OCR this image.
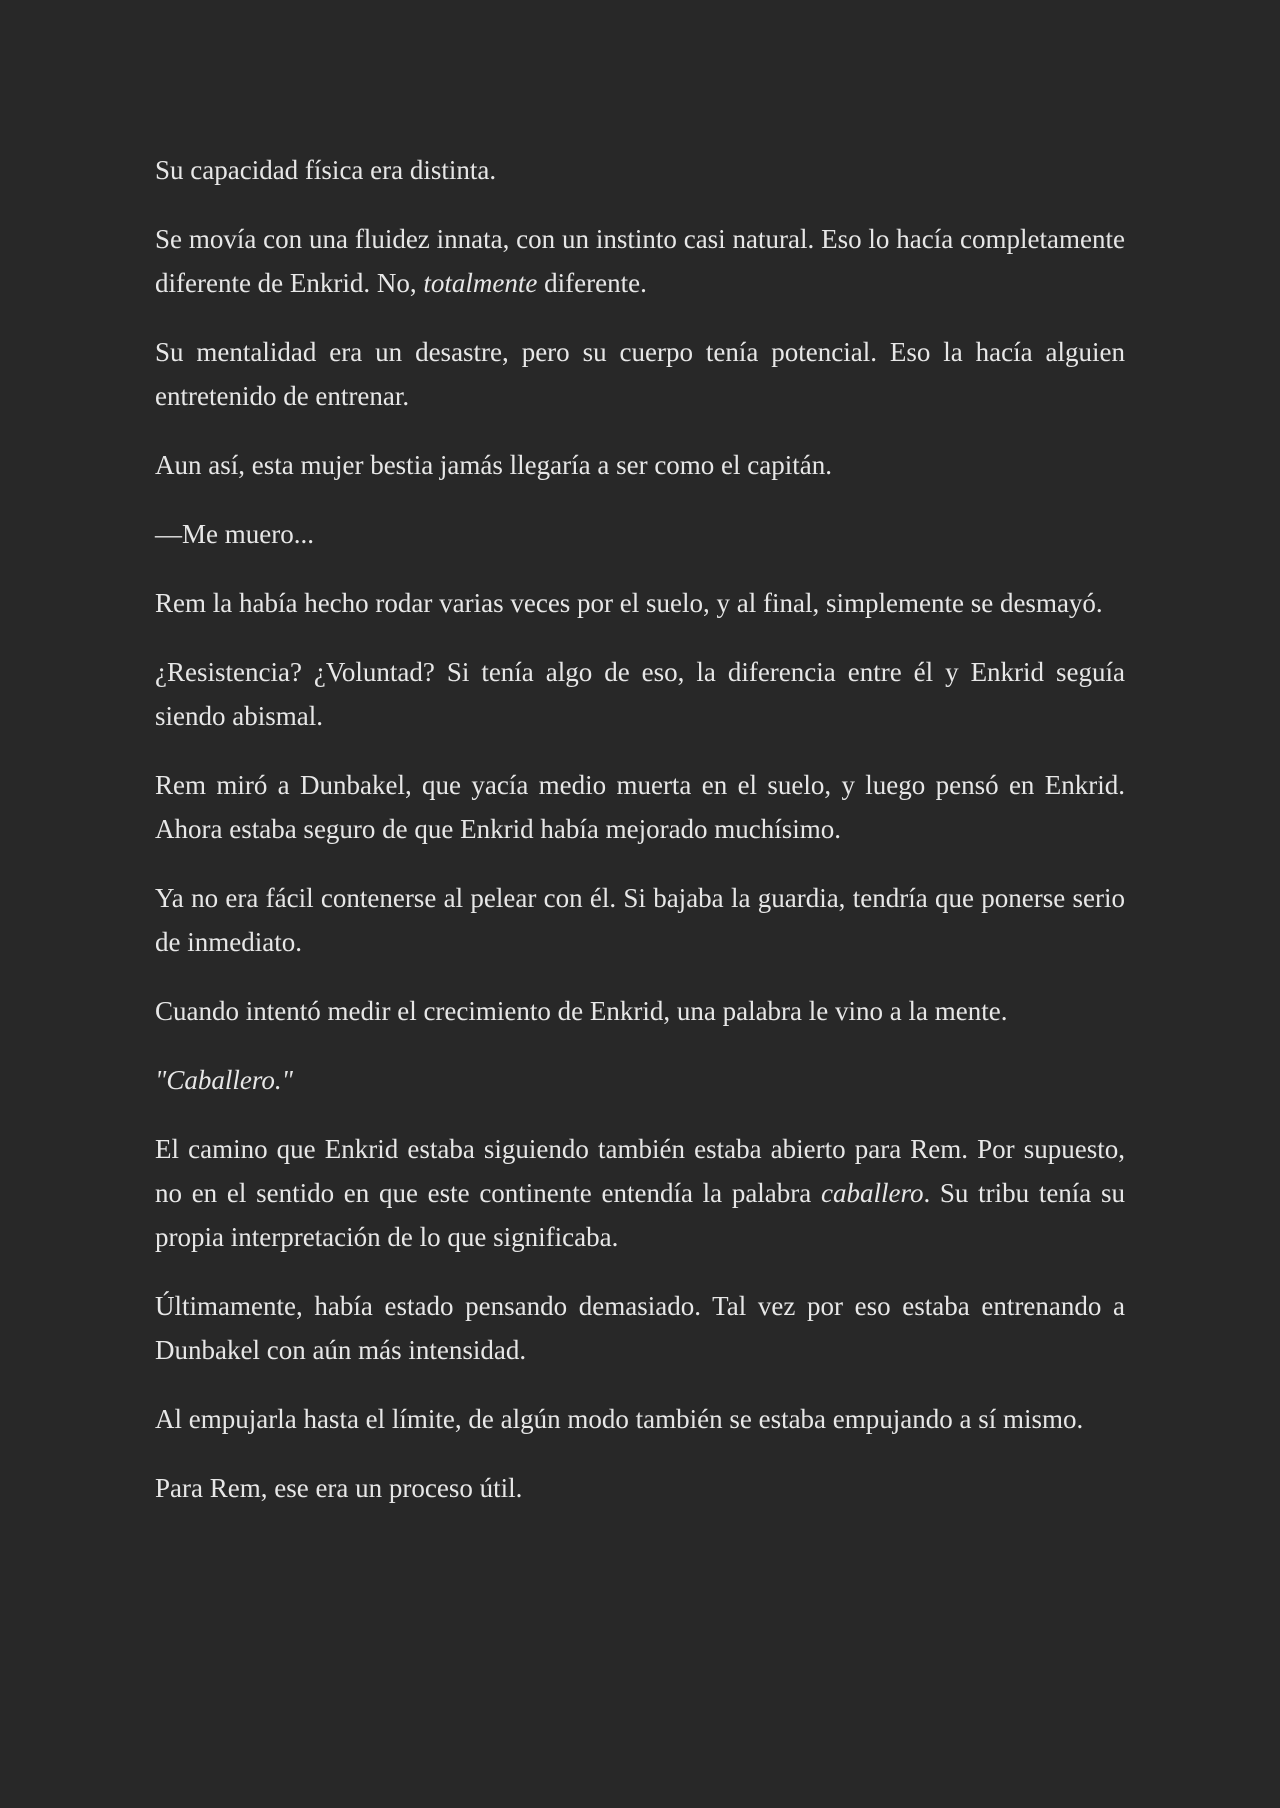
Su capacidad física era distinta.

Se movía con una fluidez innata, con un instinto casi natural. Eso lo hacía completamente diferente de Enkrid. No, totalmente diferente.

Su mentalidad era un desastre, pero su cuerpo tenía potencial. Eso la hacía alguien entretenido de entrenar.

Aun así, esta mujer bestia jamás llegaría a ser como el capitán.

—Me muero...

Rem la había hecho rodar varias veces por el suelo, y al final, simplemente se desmayó.

¿Resistencia? ¿Voluntad? Si tenía algo de eso, la diferencia entre él y Enkrid seguía siendo abismal.

Rem miró a Dunbakel, que yacía medio muerta en el suelo, y luego pensó en Enkrid. Ahora estaba seguro de que Enkrid había mejorado muchísimo.

Ya no era fácil contenerse al pelear con él. Si bajaba la guardia, tendría que ponerse serio de inmediato.

Cuando intentó medir el crecimiento de Enkrid, una palabra le vino a la mente.

"Caballero."

El camino que Enkrid estaba siguiendo también estaba abierto para Rem. Por supuesto, no en el sentido en que este continente entendía la palabra caballero. Su tribu tenía su propia interpretación de lo que significaba.

Últimamente, había estado pensando demasiado. Tal vez por eso estaba entrenando a Dunbakel con aún más intensidad.

Al empujarla hasta el límite, de algún modo también se estaba empujando a sí mismo.

Para Rem, ese era un proceso útil.
